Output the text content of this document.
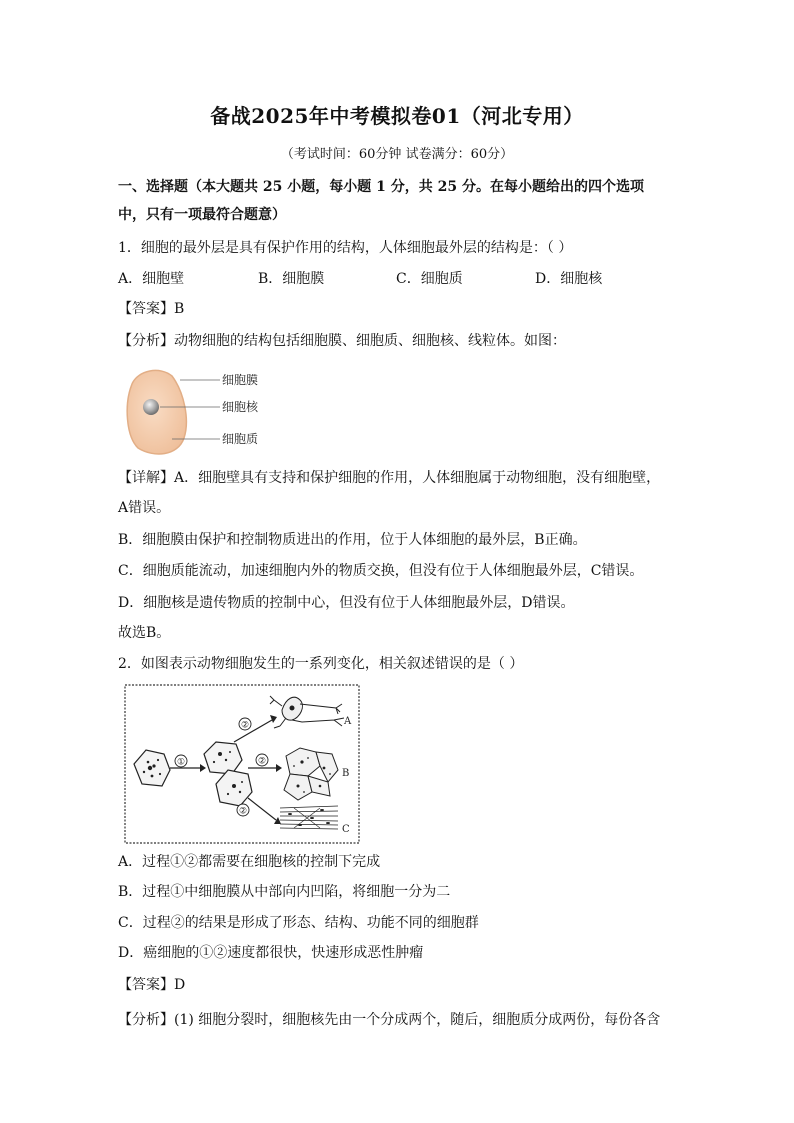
备战2025年中考模拟卷01（河北专用）
（考试时间：60分钟 试卷满分：60分）
一、选择题（本大题共 25 小题，每小题 1 分，共 25 分。在每小题给出的四个选项
中，只有一项最符合题意）
1．细胞的最外层是具有保护作用的结构，人体细胞最外层的结构是：（ ）
A．细胞壁	B．细胞膜	C．细胞质	D．细胞核
【答案】B
【分析】动物细胞的结构包括细胞膜、细胞质、细胞核、线粒体。如图：
细胞膜
细胞核
细胞质
【详解】A．细胞壁具有支持和保护细胞的作用，人体细胞属于动物细胞，没有细胞壁，
A错误。
B．细胞膜由保护和控制物质进出的作用，位于人体细胞的最外层，B正确。
C．细胞质能流动，加速细胞内外的物质交换，但没有位于人体细胞最外层，C错误。
D．细胞核是遗传物质的控制中心，但没有位于人体细胞最外层，D错误。
故选B。
2．如图表示动物细胞发生的一系列变化，相关叙述错误的是（ ）
①
②
②
②
A
B
C
A．过程①②都需要在细胞核的控制下完成
B．过程①中细胞膜从中部向内凹陷，将细胞一分为二
C．过程②的结果是形成了形态、结构、功能不同的细胞群
D．癌细胞的①②速度都很快，快速形成恶性肿瘤
【答案】D
【分析】(1) 细胞分裂时，细胞核先由一个分成两个，随后，细胞质分成两份，每份各含
